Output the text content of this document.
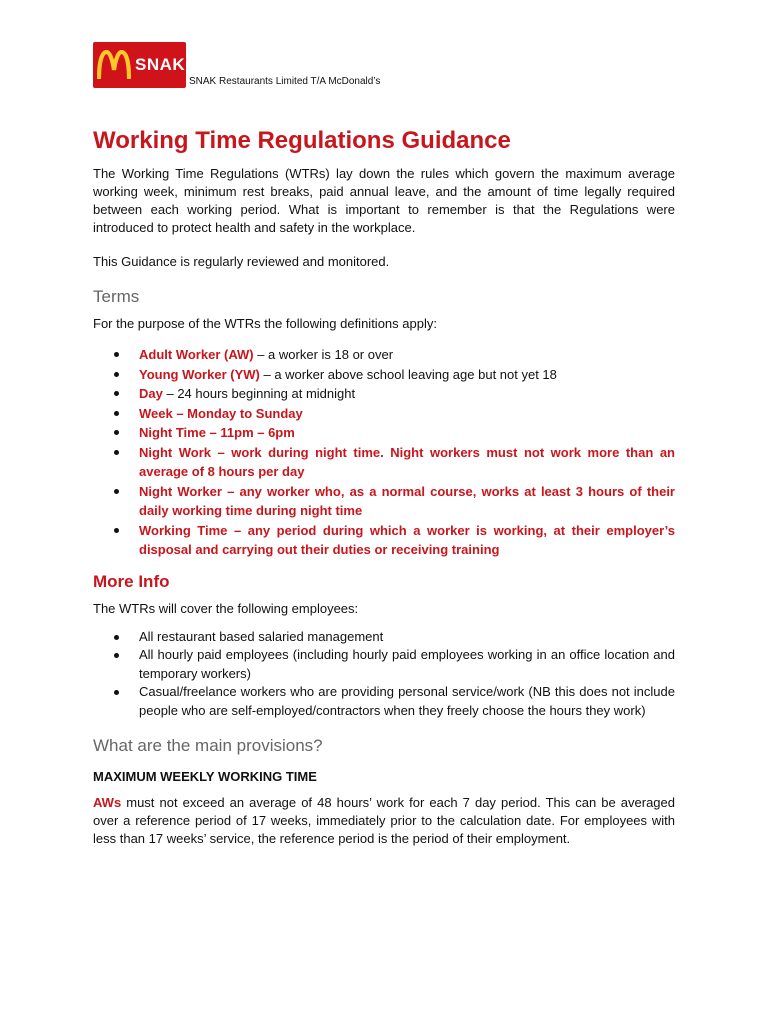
SNAK
SNAK Restaurants Limited T/A McDonald’s
Working Time Regulations Guidance

The Working Time Regulations (WTRs) lay down the rules which govern the maximum average working week, minimum rest breaks, paid annual leave, and the amount of time legally required between each working period. What is important to remember is that the Regulations were introduced to protect health and safety in the workplace.

This Guidance is regularly reviewed and monitored.

Terms

For the purpose of the WTRs the following definitions apply:

Adult Worker (AW) – a worker is 18 or over
Young Worker (YW) – a worker above school leaving age but not yet 18
Day – 24 hours beginning at midnight
Week – Monday to Sunday
Night Time – 11pm – 6pm
Night Work – work during night time. Night workers must not work more than an average of 8 hours per day
Night Worker – any worker who, as a normal course, works at least 3 hours of their daily working time during night time
Working Time – any period during which a worker is working, at their employer’s disposal and carrying out their duties or receiving training
More Info

The WTRs will cover the following employees:

All restaurant based salaried management
All hourly paid employees (including hourly paid employees working in an office location and temporary workers)
Casual/freelance workers who are providing personal service/work (NB this does not include people who are self-employed/contractors when they freely choose the hours they work)
What are the main provisions?
MAXIMUM WEEKLY WORKING TIME

AWs must not exceed an average of 48 hours’ work for each 7 day period. This can be averaged over a reference period of 17 weeks, immediately prior to the calculation date. For employees with less than 17 weeks’ service, the reference period is the period of their employment.
